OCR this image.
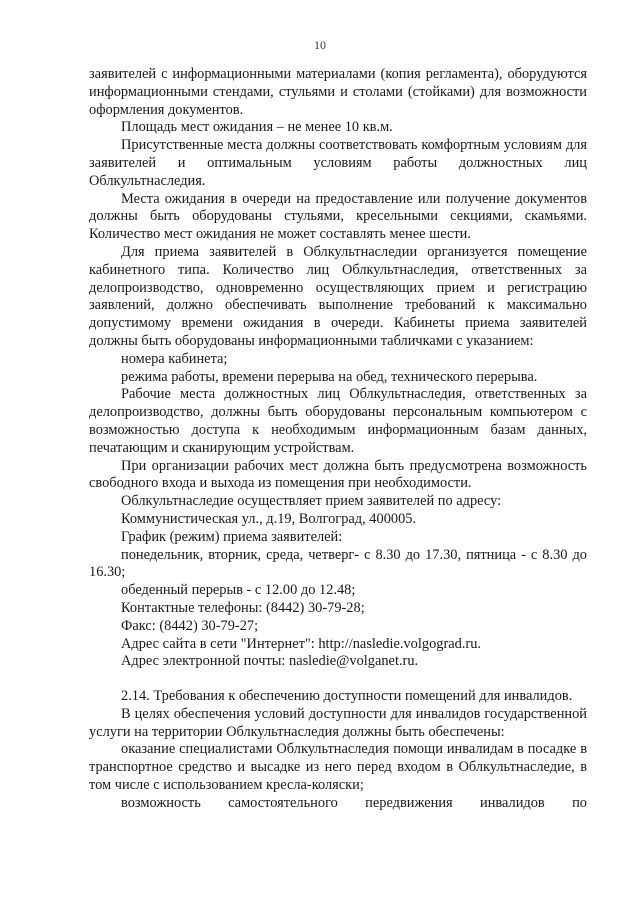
10

заявителей с информационными материалами (копия регламента), оборудуются информационными стендами, стульями и столами (стойками) для возможности оформления документов.

Площадь мест ожидания – не менее 10 кв.м.

Присутственные места должны соответствовать комфортным условиям для заявителей и оптимальным условиям работы должностных лиц Облкультнаследия.

Места ожидания в очереди на предоставление или получение документов должны быть оборудованы стульями, кресельными секциями, скамьями. Количество мест ожидания не может составлять менее шести.

Для приема заявителей в Облкультнаследии организуется помещение кабинетного типа. Количество лиц Облкультнаследия, ответственных за делопроизводство, одновременно осуществляющих прием и регистрацию заявлений, должно обеспечивать выполнение требований к максимально допустимому времени ожидания в очереди. Кабинеты приема заявителей должны быть оборудованы информационными табличками с указанием:

номера кабинета;

режима работы, времени перерыва на обед, технического перерыва.

Рабочие места должностных лиц Облкультнаследия, ответственных за делопроизводство, должны быть оборудованы персональным компьютером с возможностью доступа к необходимым информационным базам данных, печатающим и сканирующим устройствам.

При организации рабочих мест должна быть предусмотрена возможность свободного входа и выхода из помещения при необходимости.

Облкультнаследие осуществляет прием заявителей по адресу:

Коммунистическая ул., д.19, Волгоград, 400005.

График (режим) приема заявителей:

понедельник, вторник, среда, четверг- с 8.30 до 17.30, пятница - с 8.30 до 16.30;

обеденный перерыв - с 12.00 до 12.48;

Контактные телефоны: (8442) 30-79-28;

Факс: (8442) 30-79-27;

Адрес сайта в сети "Интернет": http://nasledie.volgograd.ru.

Адрес электронной почты: nasledie@volganet.ru.

2.14. Требования к обеспечению доступности помещений для инвалидов.

В целях обеспечения условий доступности для инвалидов государственной услуги на территории Облкультнаследия должны быть обеспечены:

оказание специалистами Облкультнаследия помощи инвалидам в посадке в транспортное средство и высадке из него перед входом в Облкультнаследие, в том числе с использованием кресла-коляски;

возможность самостоятельного передвижения инвалидов по
